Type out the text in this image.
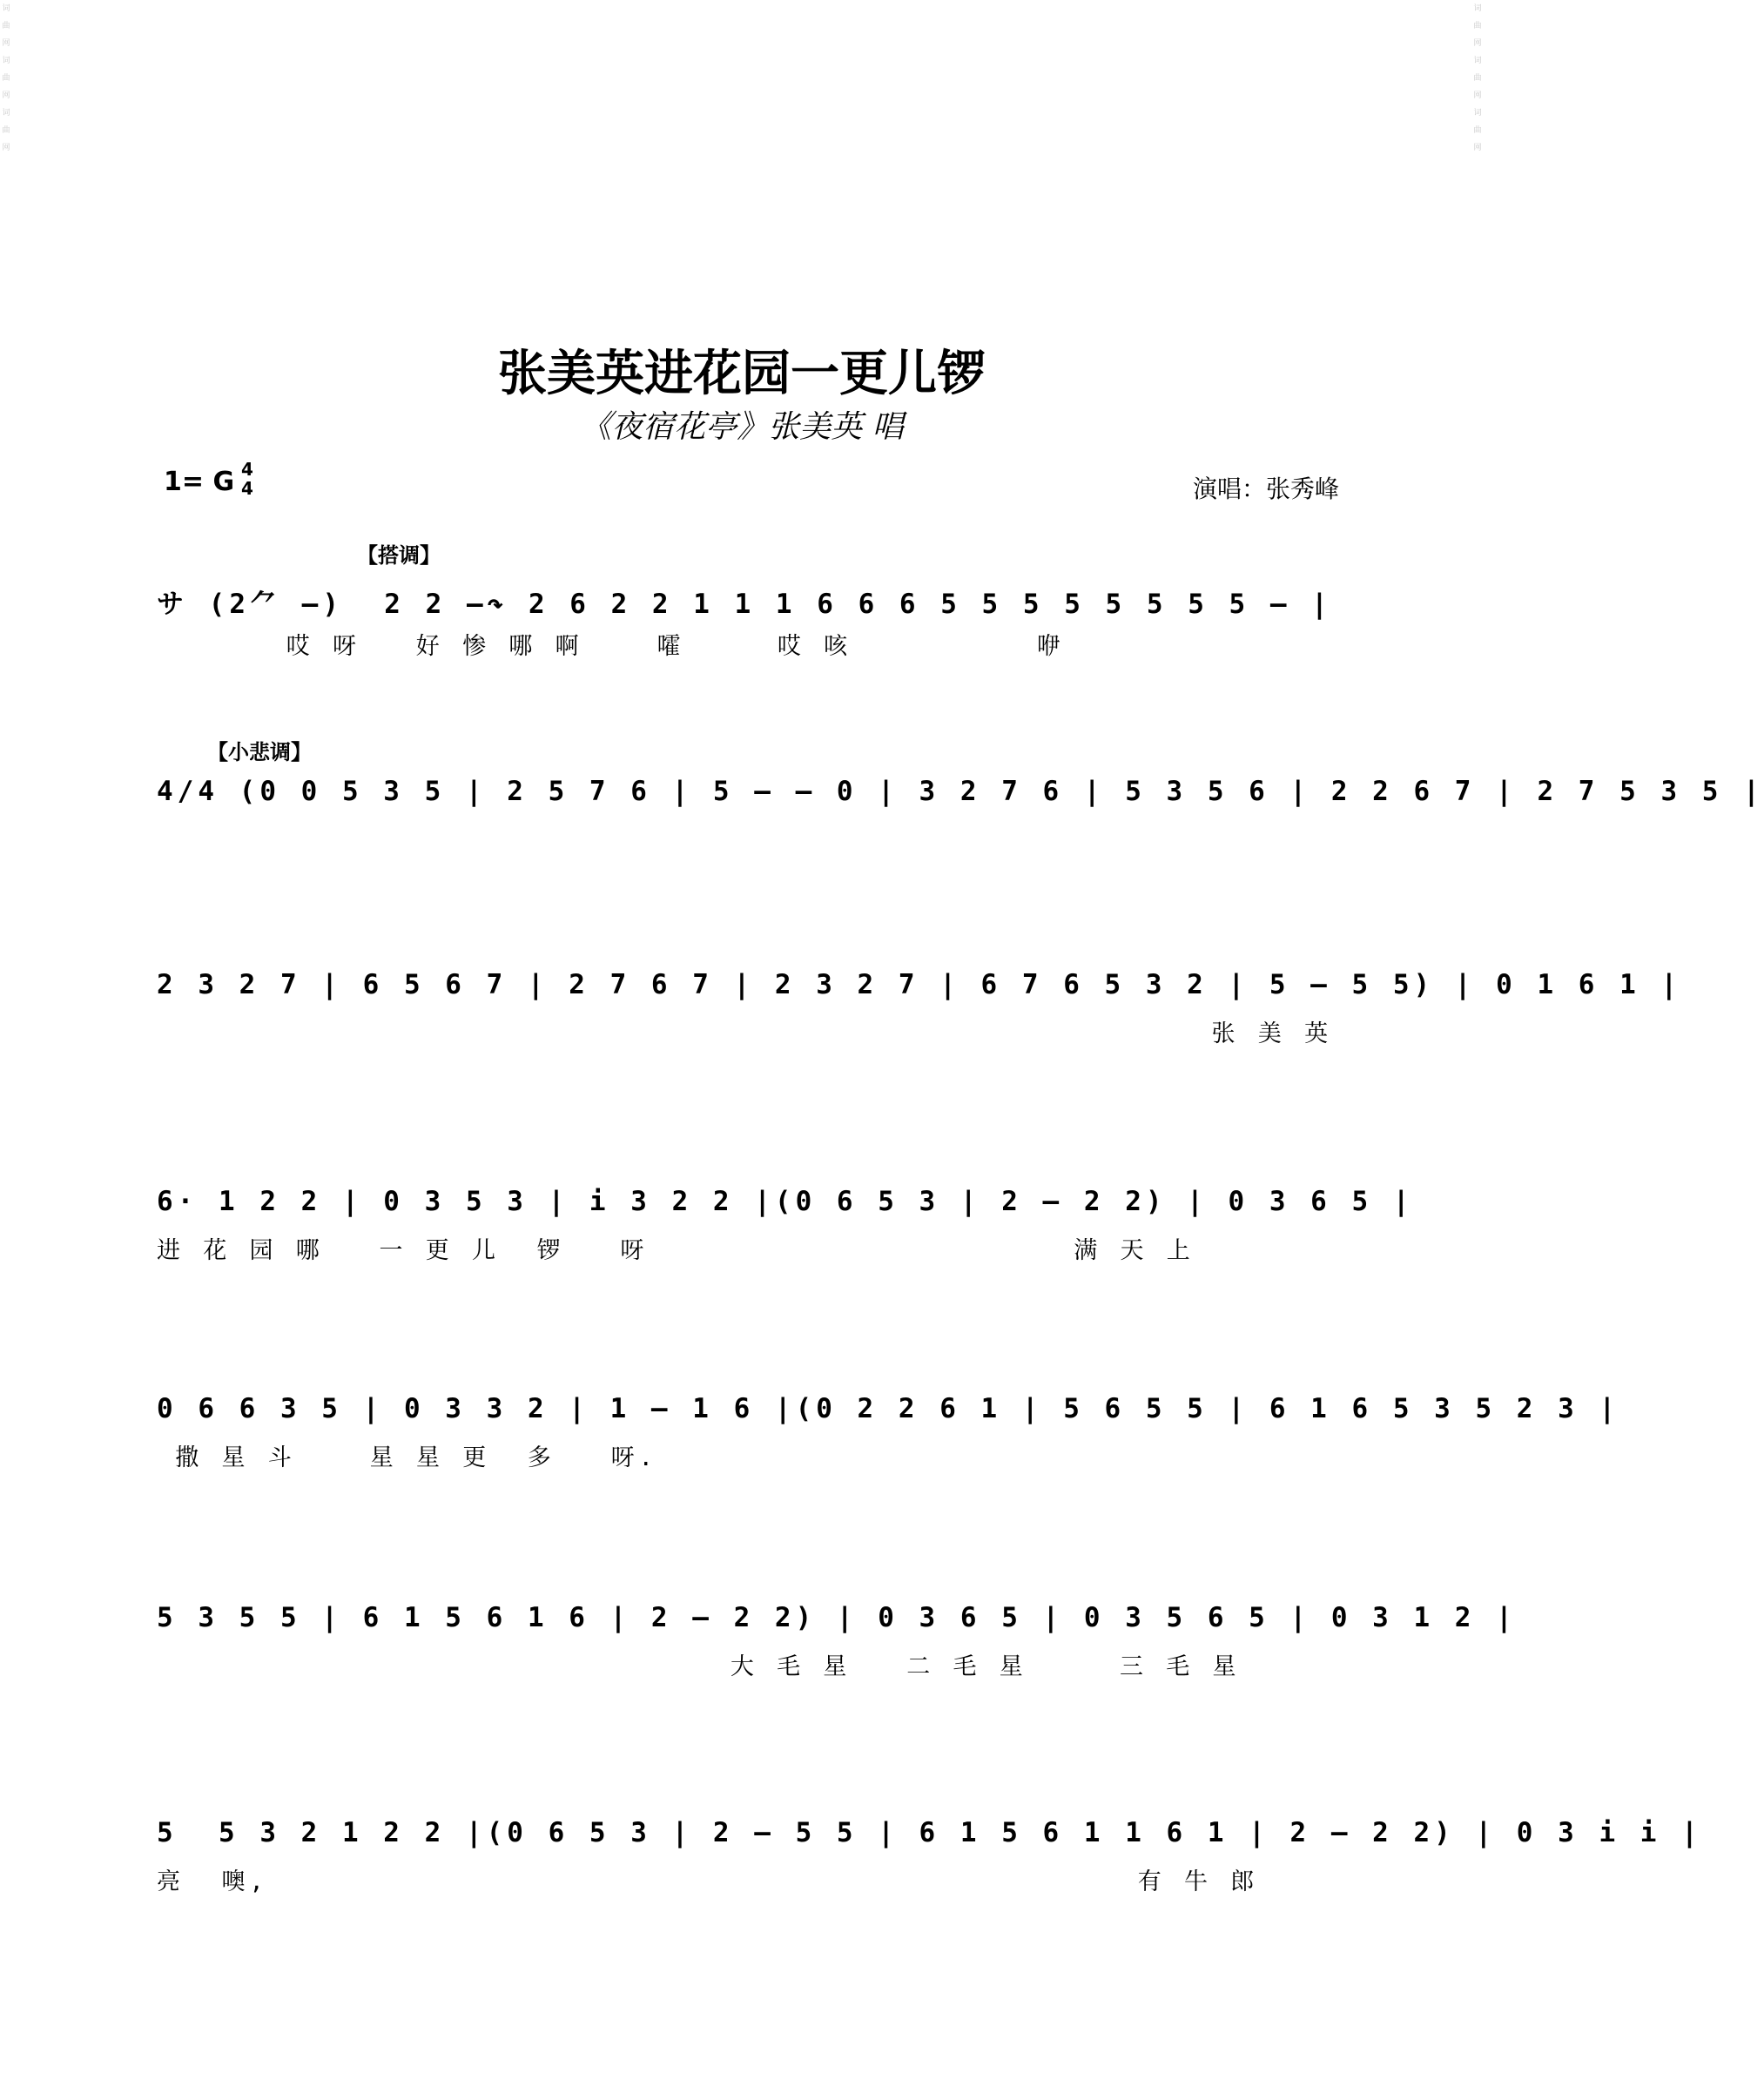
词曲网
词曲网
词曲网
词曲网
词曲网
词曲网
张美英进花园一更儿锣
《夜宿花亭》张美英 唱
1= G 4
4	演唱：张秀峰
【搭调】
【小悲调】
サ (2⺈ —)  2 2 —↷ 2 6 2 2 1 1 1 6 6 6 5 5 5 5 5 5 5 5 — |
哎 呀   好 惨 哪 啊    嚯     哎 咳          咿
4/4 (0 0 5 3 5 | 2 5 7 6 | 5 — — 0 | 3 2 7 6 | 5 3 5 6 | 2 2 6 7 | 2 7 5 3 5 |
2 3 2 7 | 6 5 6 7 | 2 7 6 7 | 2 3 2 7 | 6 7 6 5 3 2 | 5 — 5 5) | 0 1 6 1 |
张 美 英
6· 1 2 2 | 0 3 5 3 | i 3 2 2 |(0 6 5 3 | 2 — 2 2) | 0 3 6 5 |
进 花 园 哪   一 更 儿  锣   呀                       满 天 上
0 6 6 3 5 | 0 3 3 2 | 1 — 1 6 |(0 2 2 6 1 | 5 6 5 5 | 6 1 6 5 3 5 2 3 |
撒 星 斗    星 星 更  多   呀.
5 3 5 5 | 6 1 5 6 1 6 | 2 — 2 2) | 0 3 6 5 | 0 3 5 6 5 | 0 3 1 2 |
大 毛 星   二 毛 星     三 毛 星
5  5 3 2 1 2 2 |(0 6 5 3 | 2 — 5 5 | 6 1 5 6 1 1 6 1 | 2 — 2 2) | 0 3 i i |
亮  噢,                                               有 牛 郎
